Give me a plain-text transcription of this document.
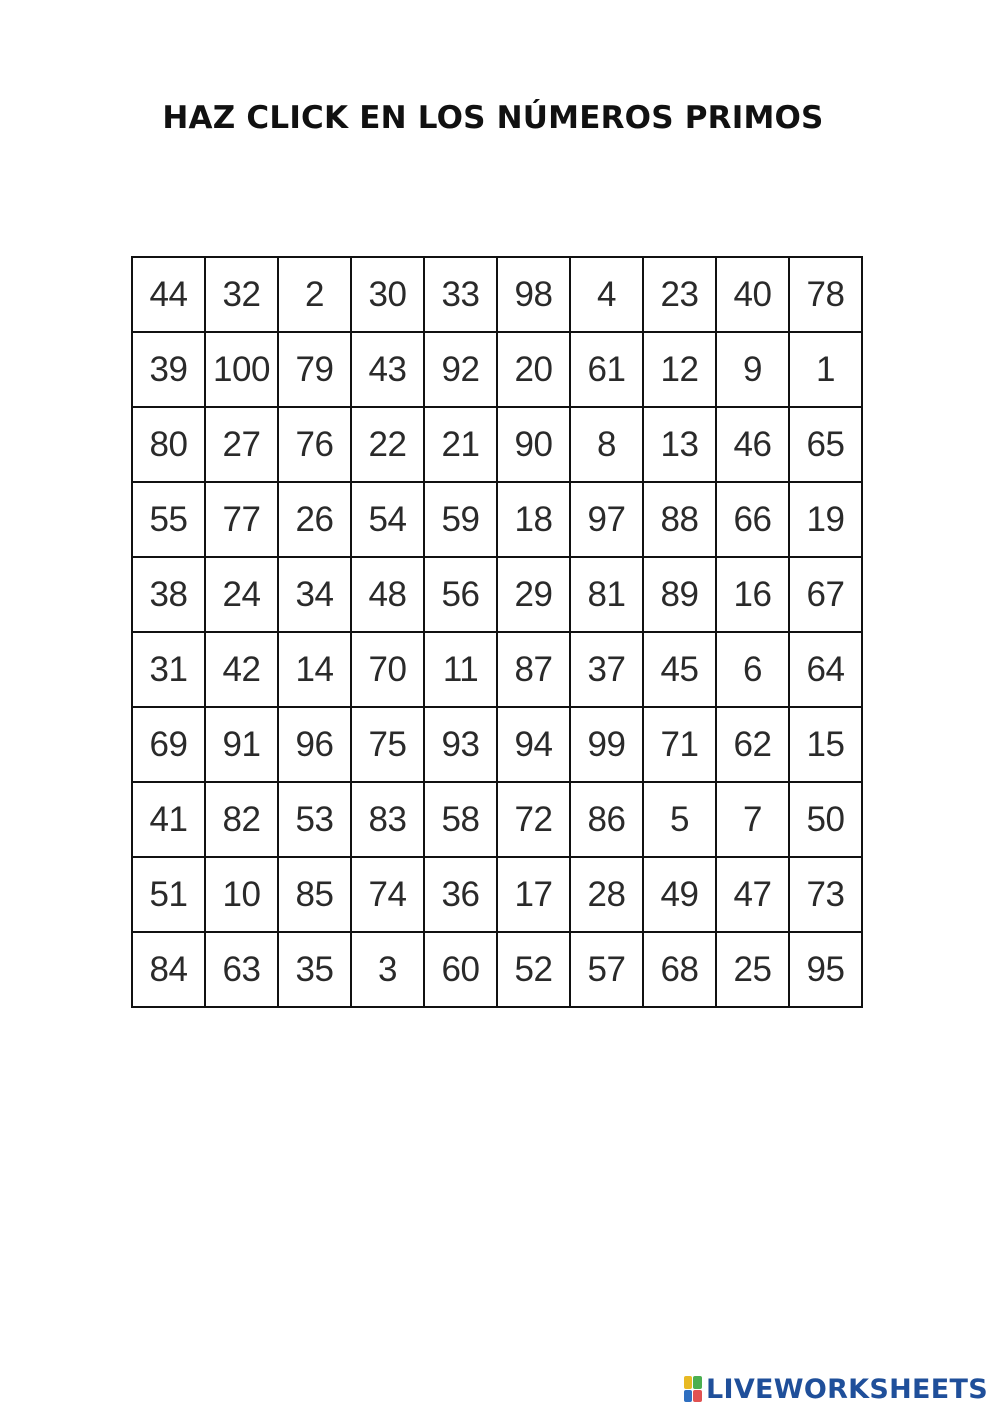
HAZ CLICK EN LOS NÚMEROS PRIMOS
44	32	2	30	33	98	4	23	40	78
39	100	79	43	92	20	61	12	9	1
80	27	76	22	21	90	8	13	46	65
55	77	26	54	59	18	97	88	66	19
38	24	34	48	56	29	81	89	16	67
31	42	14	70	11	87	37	45	6	64
69	91	96	75	93	94	99	71	62	15
41	82	53	83	58	72	86	5	7	50
51	10	85	74	36	17	28	49	47	73
84	63	35	3	60	52	57	68	25	95
LIVEWORKSHEETS
